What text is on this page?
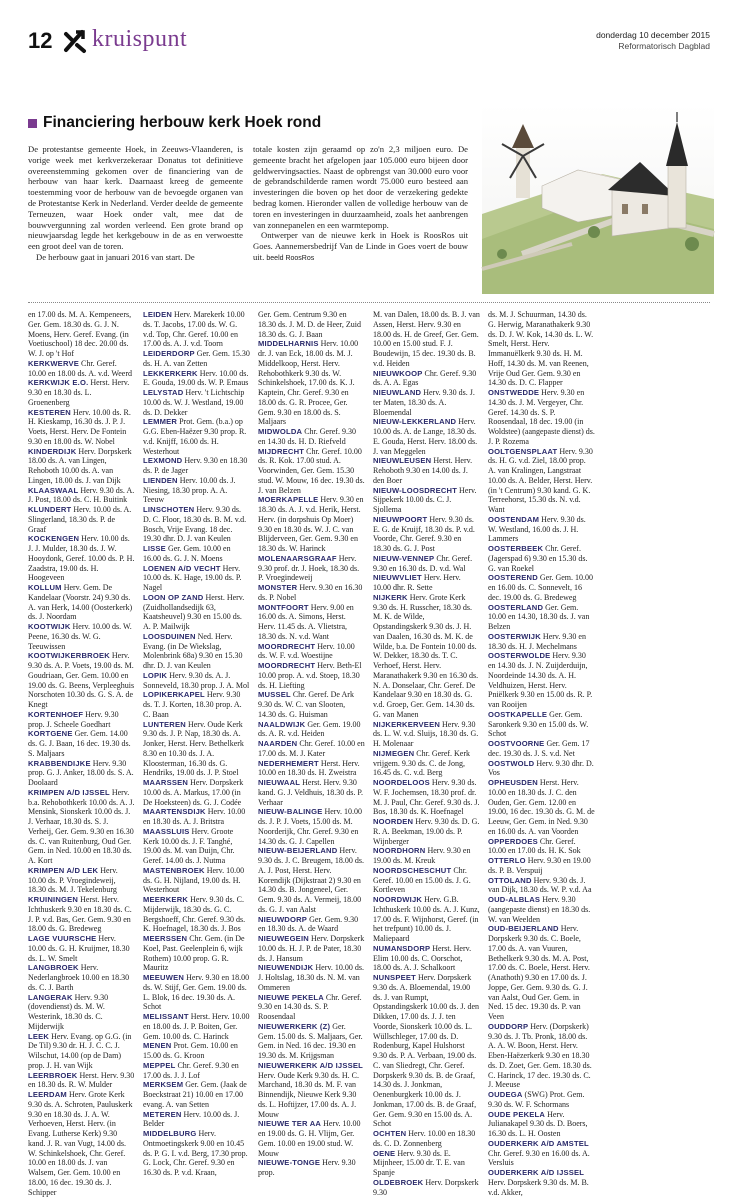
12 kruispunt	donderdag 10 december 2015
Reformatorisch Dagblad
Financiering herbouw kerk Hoek rond

De protestantse gemeente Hoek, in Zeeuws-Vlaanderen, is vorige week met kerkverzekeraar Donatus tot definitieve overeenstemming gekomen over de financiering van de herbouw van haar kerk. Daarnaast kreeg de gemeente toestemming voor de herbouw van de bevoegde organen van de Protestantse Kerk in Nederland. Verder deelde de gemeente Terneuzen, waar Hoek onder valt, mee dat de bouwvergunning zal worden verleend. Een grote brand op nieuwjaarsdag legde het kerkgebouw in de as en verwoestte een groot deel van de toren.

De herbouw gaat in januari 2016 van start. De

totale kosten zijn geraamd op zo'n 2,3 miljoen euro. De gemeente bracht het afgelopen jaar 105.000 euro bijeen door geldwervingsacties. Naast de opbrengst van 30.000 euro voor de gebrandschilderde ramen wordt 75.000 euro besteed aan investeringen die boven op het door de verzekering gedekte bedrag komen. Hieronder vallen de volledige herbouw van de toren en investeringen in duurzaamheid, zoals het aanbrengen van zonnepanelen en een warmtepomp.

Ontwerper van de nieuwe kerk in Hoek is RoosRos uit Goes. Aannemersbedrijf Van de Linde in Goes voert de bouw uit. beeld RoosRos

en 17.00 ds. M. A. Kempeneers, Ger. Gem. 18.30 ds. G. J. N. Moens, Herv. Geref. Evang. (in Voetiuschool) 18 dec. 20.00 ds. W. J. op 't Hof

KERKWERVE Chr. Geref. 10.00 en 18.00 ds. A. v.d. Weerd

KERKWIJK E.O. Herst. Herv. 9.30 en 18.30 ds. L. Groenenberg

KESTEREN Herv. 10.00 ds. R. H. Kieskamp, 16.30 ds. J. P. J. Voets, Herst. Herv. De Fontein 9.30 en 18.00 ds. W. Nobel

KINDERDIJK Herv. Dorpskerk 18.00 ds. A. van Lingen, Rehoboth 10.00 ds. A. van Lingen, 18.00 ds. J. van Dijk

KLAASWAAL Herv. 9.30 ds. A. J. Post, 18.00 ds. C. H. Buitink

KLUNDERT Herv. 10.00 ds. A. Slingerland, 18.30 ds. P. de Graaf

KOCKENGEN Herv. 10.00 ds. J. J. Mulder, 18.30 ds. J. W. Hooydonk, Geref. 10.00 ds. P. H. Zaadstra, 19.00 ds. H. Hoogeveen

KOLLUM Herv. Gem. De Kandelaar (Voorstr. 24) 9.30 ds. A. van Herk, 14.00 (Oosterkerk) ds. J. Noordam

KOOTWIJK Herv. 10.00 ds. W. Peene, 16.30 ds. W. G. Teeuwissen

KOOTWIJKERBROEK Herv. 9.30 ds. A. P. Voets, 19.00 ds. M. Goudriaan, Ger. Gem. 10.00 en 19.00 ds. G. Beens, Verpleeghuis Norschoten 10.30 ds. G. S. A. de Knegt

KORTENHOEF Herv. 9.30 prop. J. Scheele Goedhart

KORTGENE Ger. Gem. 14.00 ds. G. J. Baan, 16 dec. 19.30 ds. S. Maljaars

KRABBENDIJKE Herv. 9.30 prop. G. J. Anker, 18.00 ds. S. A. Doolaard

KRIMPEN A/D IJSSEL Herv. b.a. Rehobothkerk 10.00 ds. A. J. Mensink, Sionskerk 10.00 ds. J. J. Verhaar, 18.30 ds. S. J. Verheij, Ger. Gem. 9.30 en 16.30 ds. C. van Ruitenburg, Oud Ger. Gem. in Ned. 10.00 en 18.30 ds. A. Kort

KRIMPEN A/D LEK Herv. 10.00 ds. P. Vroegindeweij, 18.30 ds. M. J. Tekelenburg

KRUININGEN Herst. Herv. Ichthuskerk 9.30 en 18.30 ds. C. J. P. v.d. Bas, Ger. Gem. 9.30 en 18.00 ds. G. Bredeweg

LAGE VUURSCHE Herv. 10.00 ds. G. H. Kruijmer, 18.30 ds. L. W. Smelt

LANGBROEK Herv. Nederlangbroek 10.00 en 18.30 ds. C. J. Barth

LANGERAK Herv. 9.30 (dovendienst) ds. M. W. Westerink, 18.30 ds. C. Mijderwijk

LEEK Herv. Evang. op G.G. (in De Til) 9.30 dr. H. J. C. C. J. Wilschut, 14.00 (op de Dam) prop. J. H. van Wijk

LEERBROEK Herst. Herv. 9.30 en 18.30 ds. R. W. Mulder

LEERDAM Herv. Grote Kerk 9.30 ds. A. Schroten, Pauluskerk 9.30 en 18.30 ds. J. A. W. Verhoeven, Herst. Herv. (in Evang. Lutherse Kerk) 9.30 kand. J. R. van Vugt, 14.00 ds. W. Schinkelshoek, Chr. Geref. 10.00 en 18.00 ds. J. van Walsem, Ger. Gem. 10.00 en 18.00, 16 dec. 19.30 ds. J. Schipper

LEIDEN Herv. Marekerk 10.00 ds. T. Jacobs, 17.00 ds. W. G. v.d. Top, Chr. Geref. 10.00 en 17.00 ds. A. J. v.d. Toorn

LEIDERDORP Ger. Gem. 15.30 ds. H. A. van Zetten

LEKKERKERK Herv. 10.00 ds. E. Gouda, 19.00 ds. W. P. Emaus

LELYSTAD Herv. 't Lichtschip 10.00 ds. W. J. Westland, 19.00 ds. D. Dekker

LEMMER Prot. Gem. (b.a.) op G.G. Eben-Haëzer 9.30 prop. R. v.d. Knijff, 16.00 ds. H. Westerhout

LEXMOND Herv. 9.30 en 18.30 ds. P. de Jager

LIENDEN Herv. 10.00 ds. J. Niesing, 18.30 prop. A. A. Teeuw

LINSCHOTEN Herv. 9.30 ds. D. C. Floor, 18.30 ds. B. M. v.d. Bosch, Vrije Evang. 18 dec. 19.30 dhr. D. J. van Keulen

LISSE Ger. Gem. 10.00 en 16.00 ds. G. J. N. Moens

LOENEN A/D VECHT Herv. 10.00 ds. K. Hage, 19.00 ds. P. Nagel

LOON OP ZAND Herst. Herv. (Zuidhollandsedijk 63, Kaatsheuvel) 9.30 en 15.00 ds. A. P. Mailwijk

LOOSDUINEN Ned. Herv. Evang. (in De Wiekslag, Molenbrink 68a) 9.30 en 15.30 dhr. D. J. van Keulen

LOPIK Herv. 9.30 ds. A. J. Sonneveld, 18.30 prop. J. A. Mol

LOPIKERKAPEL Herv. 9.30 ds. T. J. Korten, 18.30 prop. A. C. Baan

LUNTEREN Herv. Oude Kerk 9.30 ds. J. P. Nap, 18.30 ds. A. Jonker, Herst. Herv. Bethelkerk 8.30 en 10.30 ds. J. A. Kloosterman, 16.30 ds. G. Hendriks, 19.00 ds. J. P. Stoel

MAARSSEN Herv. Dorpskerk 10.00 ds. A. Markus, 17.00 (in De Hoeksteen) ds. G. J. Codée

MAARTENSDIJK Herv. 10.00 en 18.30 ds. A. J. Britstra

MAASSLUIS Herv. Groote Kerk 10.00 ds. J. F. Tanghé, 19.00 ds. M. van Duijn, Chr. Geref. 14.00 ds. J. Nutma

MASTENBROEK Herv. 10.00 ds. G. H. Nijland, 19.00 ds. H. Westerhout

MEERKERK Herv. 9.30 ds. C. Mijderwijk, 18.30 ds. G. C. Bergshoeff, Chr. Geref. 9.30 ds. K. Hoefnagel, 18.30 ds. J. Bos

MEERSSEN Chr. Gem. (in De Koel, Past. Geelenplein 6, wijk Rothem) 10.00 prop. G. R. Mauritz

MEEUWEN Herv. 9.30 en 18.00 ds. W. Stijf, Ger. Gem. 19.00 ds. L. Blok, 16 dec. 19.30 ds. A. Schot

MELISSANT Herst. Herv. 10.00 en 18.00 ds. J. P. Boiten, Ger. Gem. 10.00 ds. C. Harinck

MENEN Prot. Gem. 10.00 en 15.00 ds. G. Kroon

MEPPEL Chr. Geref. 9.30 en 17.00 ds. J. J. Lof

MERKSEM Ger. Gem. (Jaak de Boeckstraat 21) 10.00 en 17.00 evang. A. van Setten

METEREN Herv. 10.00 ds. J. Belder

MIDDELBURG Herv. Ontmoetingskerk 9.00 en 10.45 ds. P. G. I. v.d. Berg, 17.30 prop. G. Lock, Chr. Geref. 9.30 en 16.30 ds. P. v.d. Kraan,

Ger. Gem. Centrum 9.30 en 18.30 ds. J. M. D. de Heer, Zuid 18.30 ds. G. J. Baan

MIDDELHARNIS Herv. 10.00 dr. J. van Eck, 18.00 ds. M. J. Middelkoop, Herst. Herv. Rehobothkerk 9.30 ds. W. Schinkelshoek, 17.00 ds. K. J. Kaptein, Chr. Geref. 9.30 en 18.00 ds. G. R. Procee, Ger. Gem. 9.30 en 18.00 ds. S. Maljaars

MIDWOLDA Chr. Geref. 9.30 en 14.30 ds. H. D. Riefveld

MIJDRECHT Chr. Geref. 10.00 ds. R. Kok. 17.00 stud. A. Voorwinden, Ger. Gem. 15.30 stud. W. Mouw, 16 dec. 19.30 ds. J. van Belzen

MOERKAPELLE Herv. 9.30 en 18.30 ds. A. J. v.d. Herik, Herst. Herv. (in dorpshuis Op Moer) 9.30 en 18.30 ds. W. J. C. van Blijderveen, Ger. Gem. 9.30 en 18.30 ds. W. Harinck

MOLENAARSGRAAF Herv. 9.30 prof. dr. J. Hoek, 18.30 ds. P. Vroegindeweij

MONSTER Herv. 9.30 en 16.30 ds. P. Nobel

MONTFOORT Herv. 9.00 en 16.00 ds. A. Simons, Herst. Herv. 11.45 ds. A. Vlietstra, 18.30 ds. N. v.d. Want

MOORDRECHT Herv. 10.00 ds. W. F. v.d. Woestijne

MOORDRECHT Herv. Beth-El 10.00 prop. A. v.d. Stoep, 18.30 ds. H. Liefting

MUSSEL Chr. Geref. De Ark 9.30 ds. W. C. van Slooten, 14.30 ds. G. Huisman

NAALDWIJK Ger. Gem. 19.00 ds. A. R. v.d. Heiden

NAARDEN Chr. Geref. 10.00 en 17.00 ds. M. J. Kater

NEDERHEMERT Herst. Herv. 10.00 en 18.30 ds. H. Zweistra

NIEUWAAL Herst. Herv. 9.30 kand. G. J. Veldhuis, 18.30 ds. P. Verhaar

NIEUW-BALINGE Herv. 10.00 ds. J. P. J. Voets, 15.00 ds. M. Noorderijk, Chr. Geref. 9.30 en 14.30 ds. G. J. Capellen

NIEUW-BEIJERLAND Herv. 9.30 ds. J. C. Breugem, 18.00 ds. A. J. Post, Herst. Herv. Korendijk (Dijkstraat 2) 9.30 en 14.30 ds. B. Jongeneel, Ger. Gem. 9.30 ds. A. Vermeij, 18.00 ds. G. J. van Aalst

NIEUWDORP Ger. Gem. 9.30 en 18.30 ds. A. de Waard

NIEUWEGEIN Herv. Dorpskerk 10.00 ds. H. J. P. de Pater, 18.30 ds. J. Hansum

NIEUWENDIJK Herv. 10.00 ds. J. Holtslag, 18.30 ds. N. M. van Ommeren

NIEUWE PEKELA Chr. Geref. 9.30 en 14.30 ds. S. P. Roosendaal

NIEUWERKERK (Z) Ger. Gem. 15.00 ds. S. Maljaars, Ger. Gem. in Ned. 16 dec. 19.30 en 19.30 ds. M. Krijgsman

NIEUWERKERK A/D IJSSEL Herv. Oude Kerk 9.30 ds. H. C. Marchand, 18.30 ds. M. F. van Binnendijk, Nieuwe Kerk 9.30 ds. L. Hoftijzer, 17.00 ds. A. J. Mouw

NIEUWE TER AA Herv. 10.00 en 19.00 ds. G. H. Vlijm, Ger. Gem. 10.00 en 19.00 stud. W. Mouw

NIEUWE-TONGE Herv. 9.30 prop.

M. van Dalen, 18.00 ds. B. J. van Assen, Herst. Herv. 9.30 en 18.00 ds. H. de Greef, Ger. Gem. 10.00 en 15.00 stud. F. J. Boudewijn, 15 dec. 19.30 ds. B. v.d. Heiden

NIEUWKOOP Chr. Geref. 9.30 ds. A. A. Egas

NIEUWLAND Herv. 9.30 ds. J. ter Maten, 18.30 ds. A. Bloemendal

NIEUW-LEKKERLAND Herv. 10.00 ds. A. de Lange, 18.30 ds. E. Gouda, Herst. Herv. 18.00 ds. J. van Meggelen

NIEUWLEUSEN Herst. Herv. Rehoboth 9.30 en 14.00 ds. J. den Boer

NIEUW-LOOSDRECHT Herv. Sijpekerk 10.00 ds. C. J. Sjollema

NIEUWPOORT Herv. 9.30 ds. E. G. de Kruijf, 18.30 ds. P. v.d. Voorde, Chr. Geref. 9.30 en 18.30 ds. G. J. Post

NIEUW-VENNEP Chr. Geref. 9.30 en 16.30 ds. D. v.d. Wal

NIEUWVLIET Herv. Herv. 10.00 dhr. R. Sette

NIJKERK Herv. Grote Kerk 9.30 ds. H. Russcher, 18.30 ds. M. K. de Wilde, Opstandingskerk 9.30 ds. J. H. van Daalen, 16.30 ds. M. K. de Wilde, b.a. De Fontein 10.00 ds. W. Dekker, 18.30 ds. T. C. Verhoef, Herst. Herv. Maranathakerk 9.30 en 16.30 ds. N. A. Donselaar, Chr. Geref. De Kandelaar 9.30 en 18.30 ds. G. v.d. Groep, Ger. Gem. 14.30 ds. G. van Manen

NIJKERKERVEEN Herv. 9.30 ds. L. W. v.d. Sluijs, 18.30 ds. G. H. Molenaar

NIJMEGEN Chr. Geref. Kerk vrijgem. 9.30 ds. C. de Jong, 16.45 ds. C. v.d. Berg

NOORDELOOS Herv. 9.30 ds. W. F. Jochemsen, 18.30 prof. dr. M. J. Paul, Chr. Geref. 9.30 ds. J. Bos, 18.30 ds. K. Hoefnagel

NOORDEN Herv. 9.30 ds. D. G. R. A. Beekman, 19.00 ds. P. Wijnberger

NOORDHORN Herv. 9.30 en 19.00 ds. M. Kreuk

NOORDSCHESCHUT Chr. Geref. 10.00 en 15.00 ds. J. G. Kortleven

NOORDWIJK Herv. G.B. Ichthuskerk 10.00 ds. A. J. Kunz, 17.00 ds. F. Wijnhorst, Geref. (in het trefpunt) 10.00 ds. J. Maliepaard

NUMANSDORP Herst. Herv. Elim 10.00 ds. C. Oorschot, 18.00 ds. A. J. Schalkoort

NUNSPEET Herv. Dorpskerk 9.30 ds. A. Bloemendal, 19.00 ds. J. van Rumpt, Opstandingskerk 10.00 ds. J. den Dikken, 17.00 ds. J. J. ten Voorde, Sionskerk 10.00 ds. L. Wüllschleger, 17.00 ds. D. Rodenburg, Kapel Hulshorst 9.30 ds. P. A. Verbaan, 19.00 ds. C. van Sliedregt, Chr. Geref. Dorpskerk 9.30 ds. B. de Graaf, 14.30 ds. J. Jonkman, Oenenburgkerk 10.00 ds. J. Jonkman, 17.00 ds. B. de Graaf, Ger. Gem. 9.30 en 15.00 ds. A. Schot

OCHTEN Herv. 10.00 en 18.30 ds. C. D. Zonnenberg

OENE Herv. 9.30 ds. E. Mijnheer, 15.00 dr. T. E. van Spanje

OLDEBROEK Herv. Dorpskerk 9.30

ds. M. J. Schuurman, 14.30 ds. G. Herwig, Maranathakerk 9.30 ds. D. J. W. Kok, 14.30 ds. L. W. Smelt, Herst. Herv. Immanuëlkerk 9.30 ds. H. M. Hoff, 14.30 ds. M. van Reenen, Vrije Oud Ger. Gem. 9.30 en 14.30 ds. D. C. Flapper

ONSTWEDDE Herv. 9.30 en 14.30 ds. J. M. Vergeyer, Chr. Geref. 14.30 ds. S. P. Roosendaal, 18 dec. 19.00 (in Woldstee) (aangepaste dienst) ds. J. P. Rozema

OOLTGENSPLAAT Herv. 9.30 ds. H. G. v.d. Ziel, 18.00 prop. A. van Kralingen, Langstraat 10.00 ds. A. Belder, Herst. Herv. (in 't Centrum) 9.30 kand. G. K. Terreehorst, 15.30 ds. N. v.d. Want

OOSTENDAM Herv. 9.30 ds. W. Westland, 16.00 ds. J. H. Lammers

OOSTERBEEK Chr. Geref. (Jagerspad 6) 9.30 en 15.30 ds. G. van Roekel

OOSTEREND Ger. Gem. 10.00 en 16.00 ds. C. Sonnevelt, 16 dec. 19.00 ds. G. Bredeweg

OOSTERLAND Ger. Gem. 10.00 en 14.30, 18.30 ds. J. van Belzen

OOSTERWIJK Herv. 9.30 en 18.30 ds. H. J. Mechelmans

OOSTERWOLDE Herv. 9.30 en 14.30 ds. J. N. Zuijderduijn, Noordeinde 14.30 ds. A. H. Veldhuizen, Herst. Herv. Pniëlkerk 9.30 en 15.00 ds. R. P. van Rooijen

OOSTKAPELLE Ger. Gem. Saronkerk 9.30 en 15.00 ds. W. Schot

OOSTVOORNE Ger. Gem. 17 dec. 19.30 ds. J. S. v.d. Net

OOSTWOLD Herv. 9.30 dhr. D. Vos

OPHEUSDEN Herst. Herv. 10.00 en 18.30 ds. J. C. den Ouden, Ger. Gem. 12.00 en 19.00, 16 dec. 19.30 ds. G. M. de Leeuw, Ger. Gem. in Ned. 9.30 en 16.00 ds. A. van Voorden

OPPERDOES Chr. Geref. 10.00 en 17.00 ds. H. K. Sok

OTTERLO Herv. 9.30 en 19.00 ds. P. B. Verspuij

OTTOLAND Herv. 9.30 ds. J. van Dijk, 18.30 ds. W. P. v.d. Aa

OUD-ALBLAS Herv. 9.30 (aangepaste dienst) en 18.30 ds. W. van Weelden

OUD-BEIJERLAND Herv. Dorpskerk 9.30 ds. C. Boele, 17.00 ds. A. van Vuuren, Bethelkerk 9.30 ds. M. A. Post, 17.00 ds. C. Boele, Herst. Herv. (Anathoth) 9.30 en 17.00 ds. J. Joppe, Ger. Gem. 9.30 ds. G. J. van Aalst, Oud Ger. Gem. in Ned. 15 dec. 19.30 ds. P. van Veen

OUDDORP Herv. (Dorpskerk) 9.30 ds. J. Tb. Pronk, 18.00 ds. A. A. W. Boon, Herst. Herv. Eben-Haëzerkerk 9.30 en 18.30 ds. D. Zoet, Ger. Gem. 18.30 ds. C. Harinck, 17 dec. 19.30 ds. C. J. Meeuse

OUDEGA (SWG) Prot. Gem. 9.30 ds. W. F. Schormans

OUDE PEKELA Herv. Julianakapel 9.30 ds. D. Boers, 16.30 ds. L. H. Oosten

OUDERKERK A/D AMSTEL Chr. Geref. 9.30 en 16.00 ds. A. Versluis

OUDERKERK A/D IJSSEL Herv. Dorpskerk 9.30 ds. M. B. v.d. Akker,
